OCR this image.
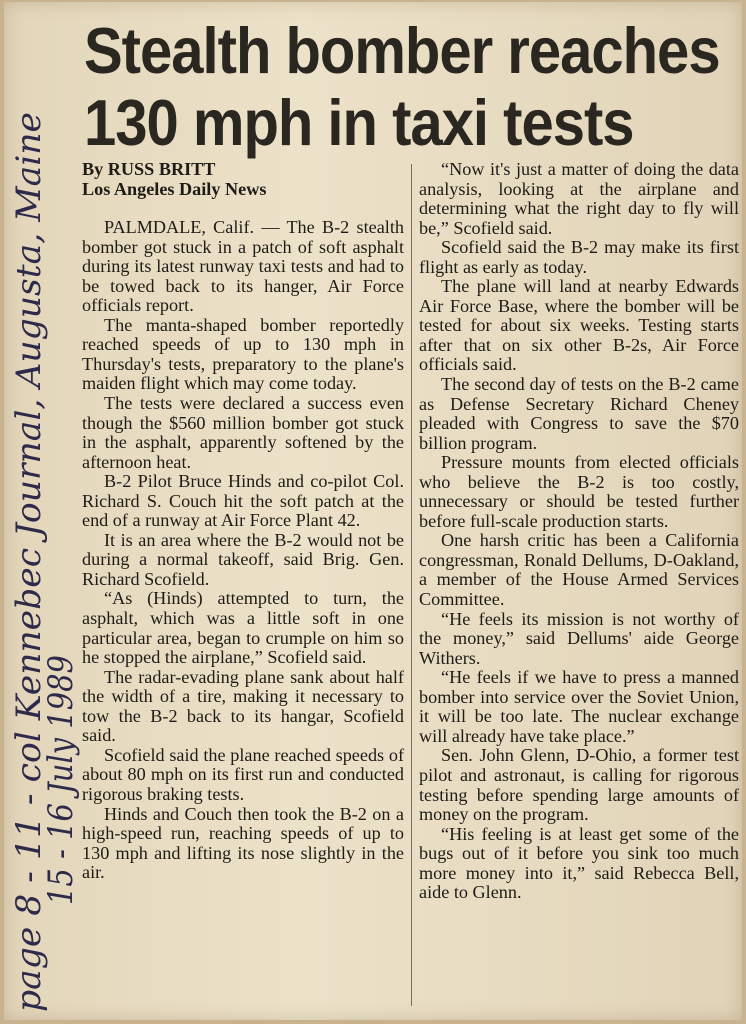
Stealth bomber reaches 130 mph in taxi tests

By RUSS BRITT

Los Angeles Daily News

PALMDALE, Calif. — The B-2 stealth bomber got stuck in a patch of soft asphalt during its latest runway taxi tests and had to be towed back to its hanger, Air Force officials report.

The manta-shaped bomber reportedly reached speeds of up to 130 mph in Thursday's tests, preparatory to the plane's maiden flight which may come today.

The tests were declared a success even though the $560 million bomber got stuck in the asphalt, apparently softened by the afternoon heat.

B-2 Pilot Bruce Hinds and co-pilot Col. Richard S. Couch hit the soft patch at the end of a runway at Air Force Plant 42.

It is an area where the B-2 would not be during a normal takeoff, said Brig. Gen. Richard Scofield.

“As (Hinds) attempted to turn, the asphalt, which was a little soft in one particular area, began to crumple on him so he stopped the airplane,” Scofield said.

The radar-evading plane sank about half the width of a tire, making it necessary to tow the B-2 back to its hangar, Scofield said.

Scofield said the plane reached speeds of about 80 mph on its first run and conducted rigorous braking tests.

Hinds and Couch then took the B-2 on a high-speed run, reaching speeds of up to 130 mph and lifting its nose slightly in the air.

“Now it's just a matter of doing the data analysis, looking at the airplane and determining what the right day to fly will be,” Scofield said.

Scofield said the B-2 may make its first flight as early as today.

The plane will land at nearby Edwards Air Force Base, where the bomber will be tested for about six weeks. Testing starts after that on six other B-2s, Air Force officials said.

The second day of tests on the B-2 came as Defense Secretary Richard Cheney pleaded with Congress to save the $70 billion program.

Pressure mounts from elected officials who believe the B-2 is too costly, unnecessary or should be tested further before full-scale production starts.

One harsh critic has been a California congressman, Ronald Dellums, D-Oakland, a member of the House Armed Services Committee.

“He feels its mission is not worthy of the money,” said Dellums' aide George Withers.

“He feels if we have to press a manned bomber into service over the Soviet Union, it will be too late. The nuclear exchange will already have take place.”

Sen. John Glenn, D-Ohio, a former test pilot and astronaut, is calling for rigorous testing before spending large amounts of money on the program.

“His feeling is at least get some of the bugs out of it before you sink too much more money into it,” said Rebecca Bell, aide to Glenn.

page 8 - 11 - col Kennebec Journal, Augusta, Maine
15 - 16 July 1989
